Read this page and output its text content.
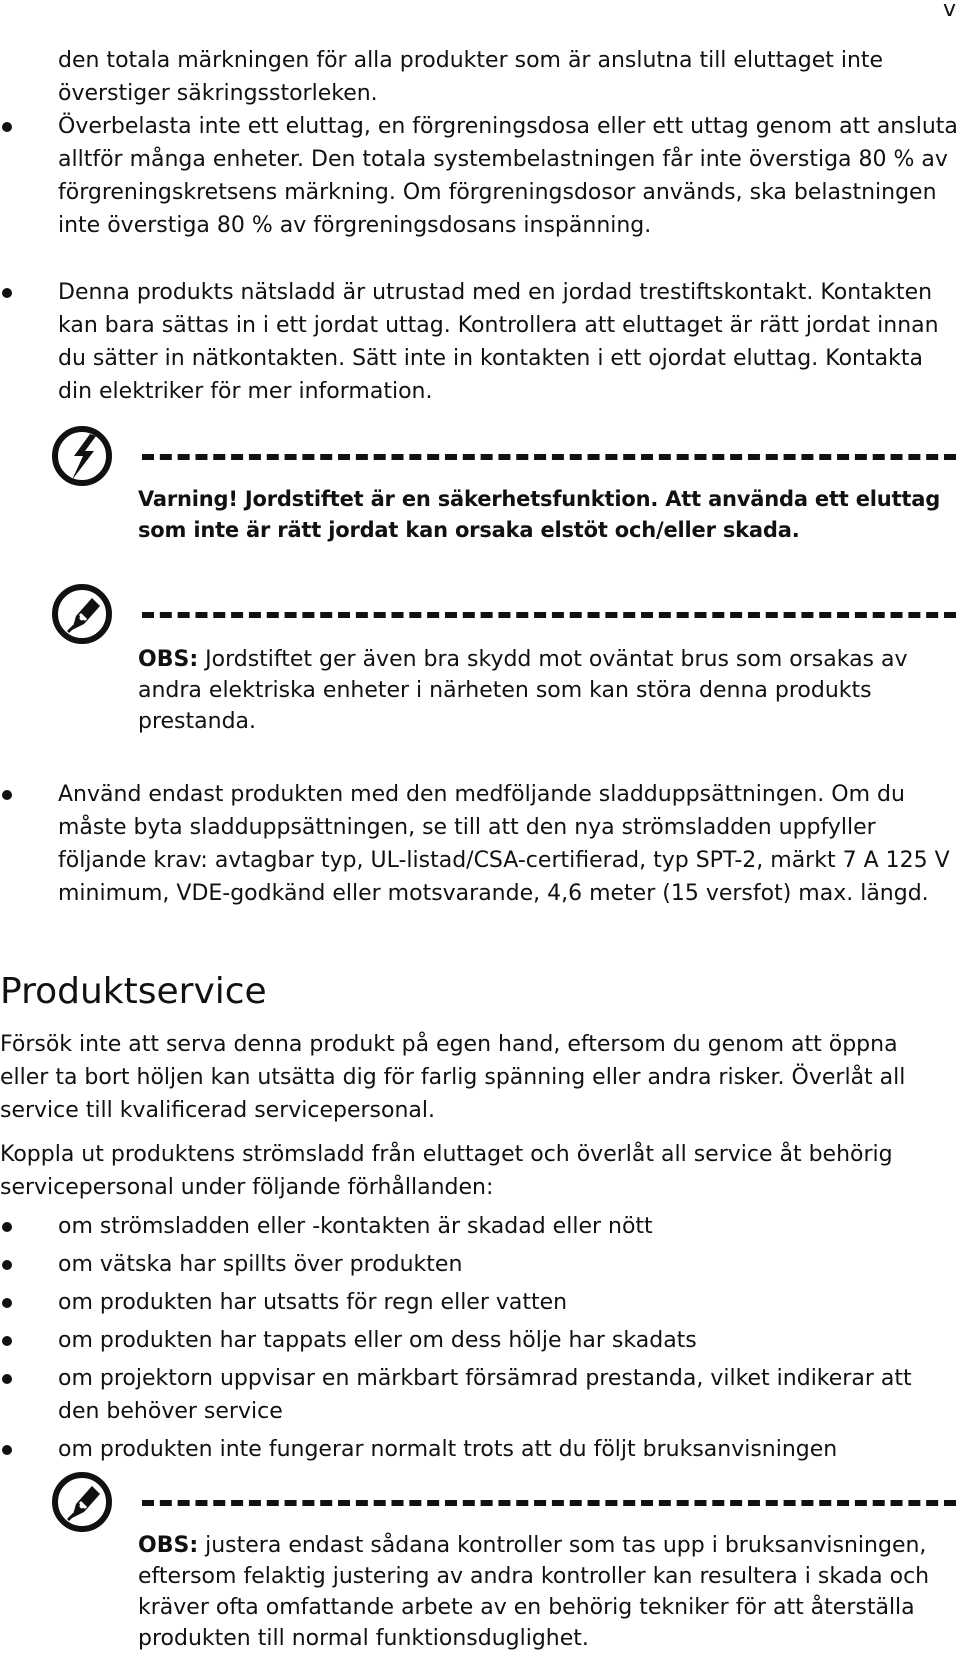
v
den totala märkningen för alla produkter som är anslutna till eluttaget inte överstiger säkringsstorleken.
Överbelasta inte ett eluttag, en förgreningsdosa eller ett uttag genom att ansluta alltför många enheter. Den totala systembelastningen får inte överstiga 80 % av förgreningskretsens märkning. Om förgreningsdosor används, ska belastningen inte överstiga 80 % av förgreningsdosans inspänning.
Denna produkts nätsladd är utrustad med en jordad trestiftskontakt. Kontakten kan bara sättas in i ett jordat uttag. Kontrollera att eluttaget är rätt jordat innan du sätter in nätkontakten. Sätt inte in kontakten i ett ojordat eluttag. Kontakta din elektriker för mer information.
Varning! Jordstiftet är en säkerhetsfunktion. Att använda ett eluttag som inte är rätt jordat kan orsaka elstöt och/eller skada.
OBS: Jordstiftet ger även bra skydd mot oväntat brus som orsakas av andra elektriska enheter i närheten som kan störa denna produkts prestanda.
Använd endast produkten med den medföljande sladduppsättningen. Om du måste byta sladduppsättningen, se till att den nya strömsladden uppfyller följande krav: avtagbar typ, UL-listad/CSA-certifierad, typ SPT-2, märkt 7 A 125 V minimum, VDE-godkänd eller motsvarande, 4,6 meter (15 versfot) max. längd.
Produktservice

Försök inte att serva denna produkt på egen hand, eftersom du genom att öppna eller ta bort höljen kan utsätta dig för farlig spänning eller andra risker. Överlåt all service till kvalificerad servicepersonal.

Koppla ut produktens strömsladd från eluttaget och överlåt all service åt behörig servicepersonal under följande förhållanden:

om strömsladden eller -kontakten är skadad eller nött
om vätska har spillts över produkten
om produkten har utsatts för regn eller vatten
om produkten har tappats eller om dess hölje har skadats
om projektorn uppvisar en märkbart försämrad prestanda, vilket indikerar att den behöver service
om produkten inte fungerar normalt trots att du följt bruksanvisningen
OBS: justera endast sådana kontroller som tas upp i bruksanvisningen, eftersom felaktig justering av andra kontroller kan resultera i skada och kräver ofta omfattande arbete av en behörig tekniker för att återställa produkten till normal funktionsduglighet.
